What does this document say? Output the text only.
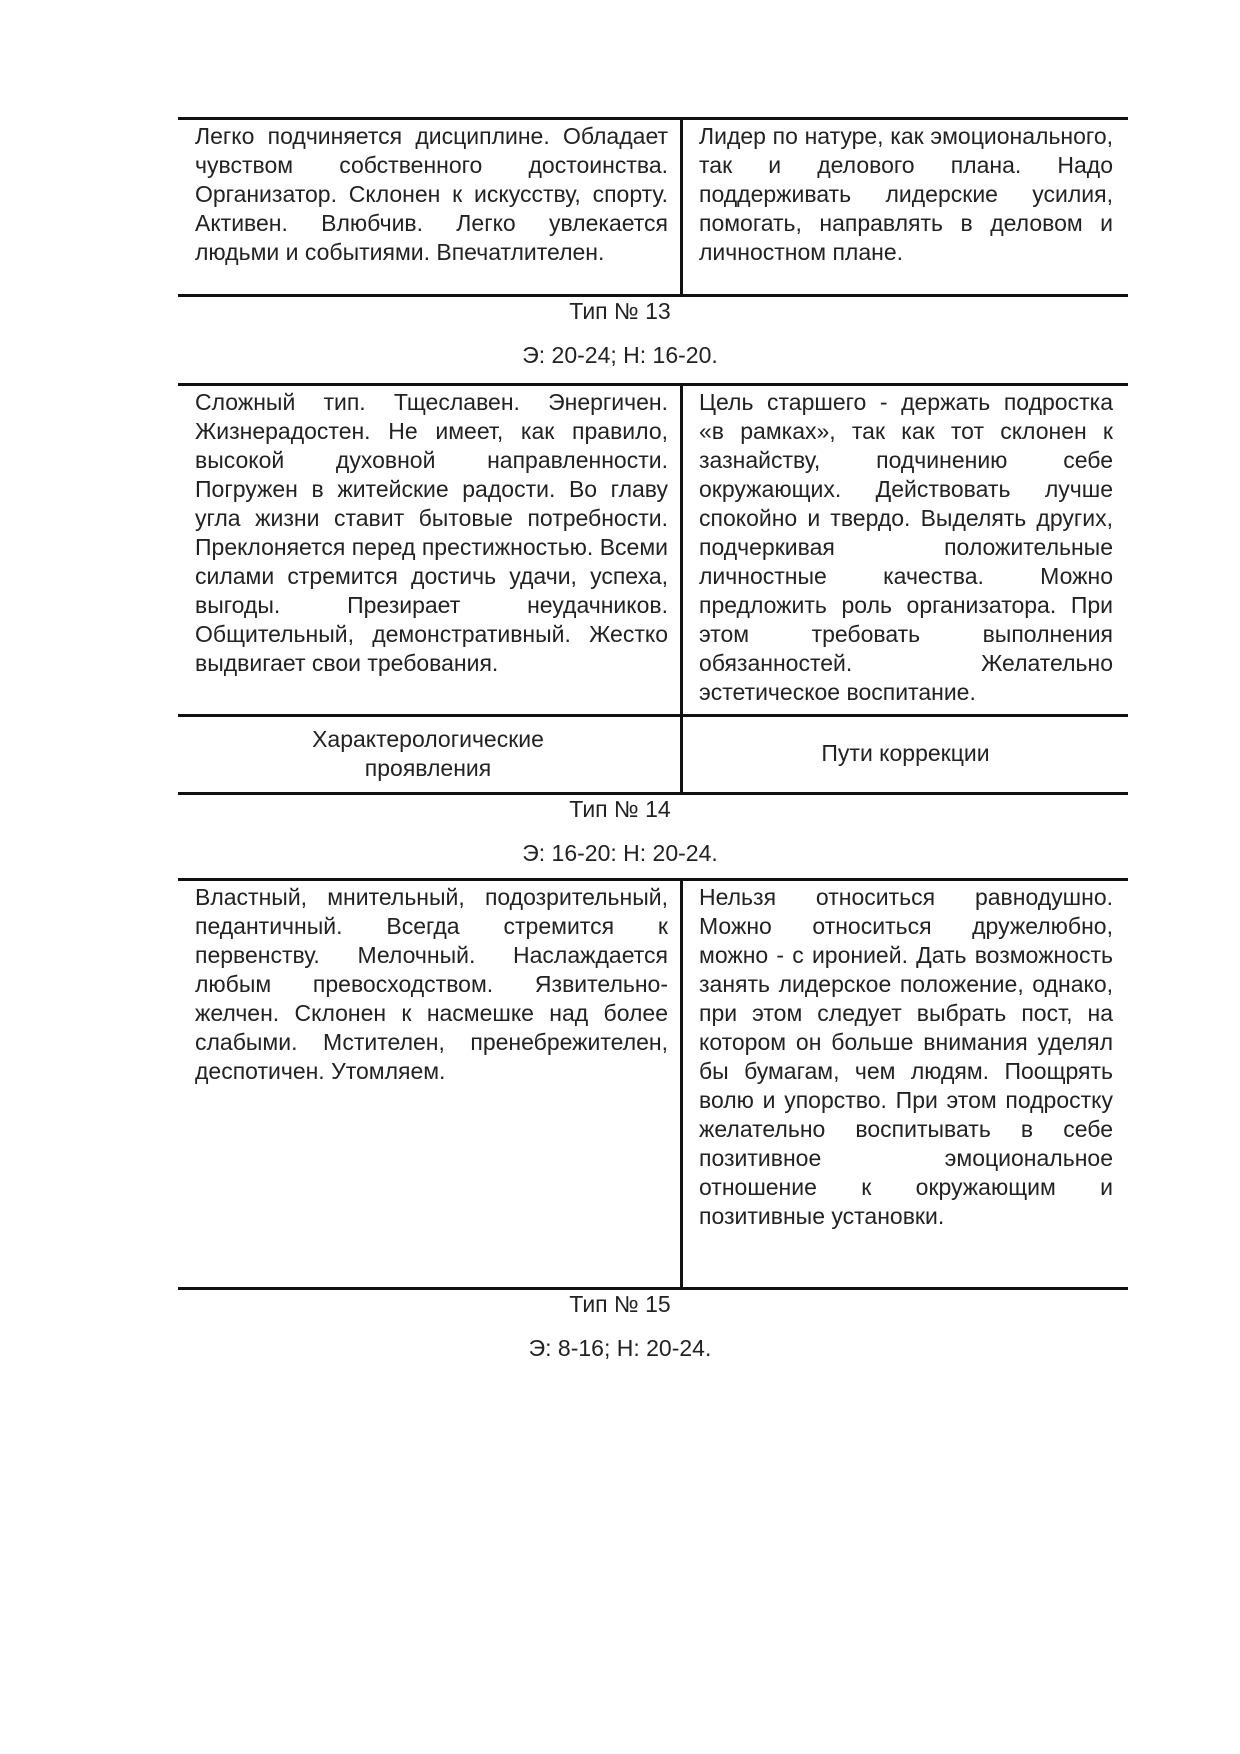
Легко подчиняется дисциплине. Обладает чувством собственного достоинства. Организатор. Склонен к искусству, спорту. Активен. Влюбчив. Легко увлекается людьми и событиями. Впечатлителен.
Лидер по натуре, как эмоционального, так и делового плана. Надо поддерживать лидерские усилия, помогать, направлять в деловом и личностном плане.
Тип № 13
Э: 20-24; Н: 16-20.
Сложный тип. Тщеславен. Энергичен. Жизнерадостен. Не имеет, как правило, высокой духовной направленности. Погружен в житейские радости. Во главу угла жизни ставит бытовые потребности. Преклоняется перед престижностью. Всеми силами стремится достичь удачи, успеха, выгоды. Презирает неудачников. Общительный, демонстративный. Жестко выдвигает свои требования.
Цель старшего - держать подростка «в рамках», так как тот склонен к зазнайству, подчинению себе окружающих. Действовать лучше спокойно и твердо. Выделять других, подчеркивая положительные личностные качества. Можно предложить роль организатора. При этом требовать выполнения обязанностей. Желательно эстетическое воспитание.
Характерологические проявления
Пути коррекции
Тип № 14
Э: 16-20: Н: 20-24.
Властный, мнительный, подозрительный, педантичный. Всегда стремится к первенству. Мелочный. Наслаждается любым превосходством. Язвительно-желчен. Склонен к насмешке над более слабыми. Мстителен, пренебрежителен, деспотичен. Утомляем.
Нельзя относиться равнодушно. Можно относиться дружелюбно, можно - с иронией. Дать возможность занять лидерское положение, однако, при этом следует выбрать пост, на котором он больше внимания уделял бы бумагам, чем людям. Поощрять волю и упорство. При этом подростку желательно воспитывать в себе позитивное эмоциональное отношение к окружающим и позитивные установки.
Тип № 15
Э: 8-16; Н: 20-24.
